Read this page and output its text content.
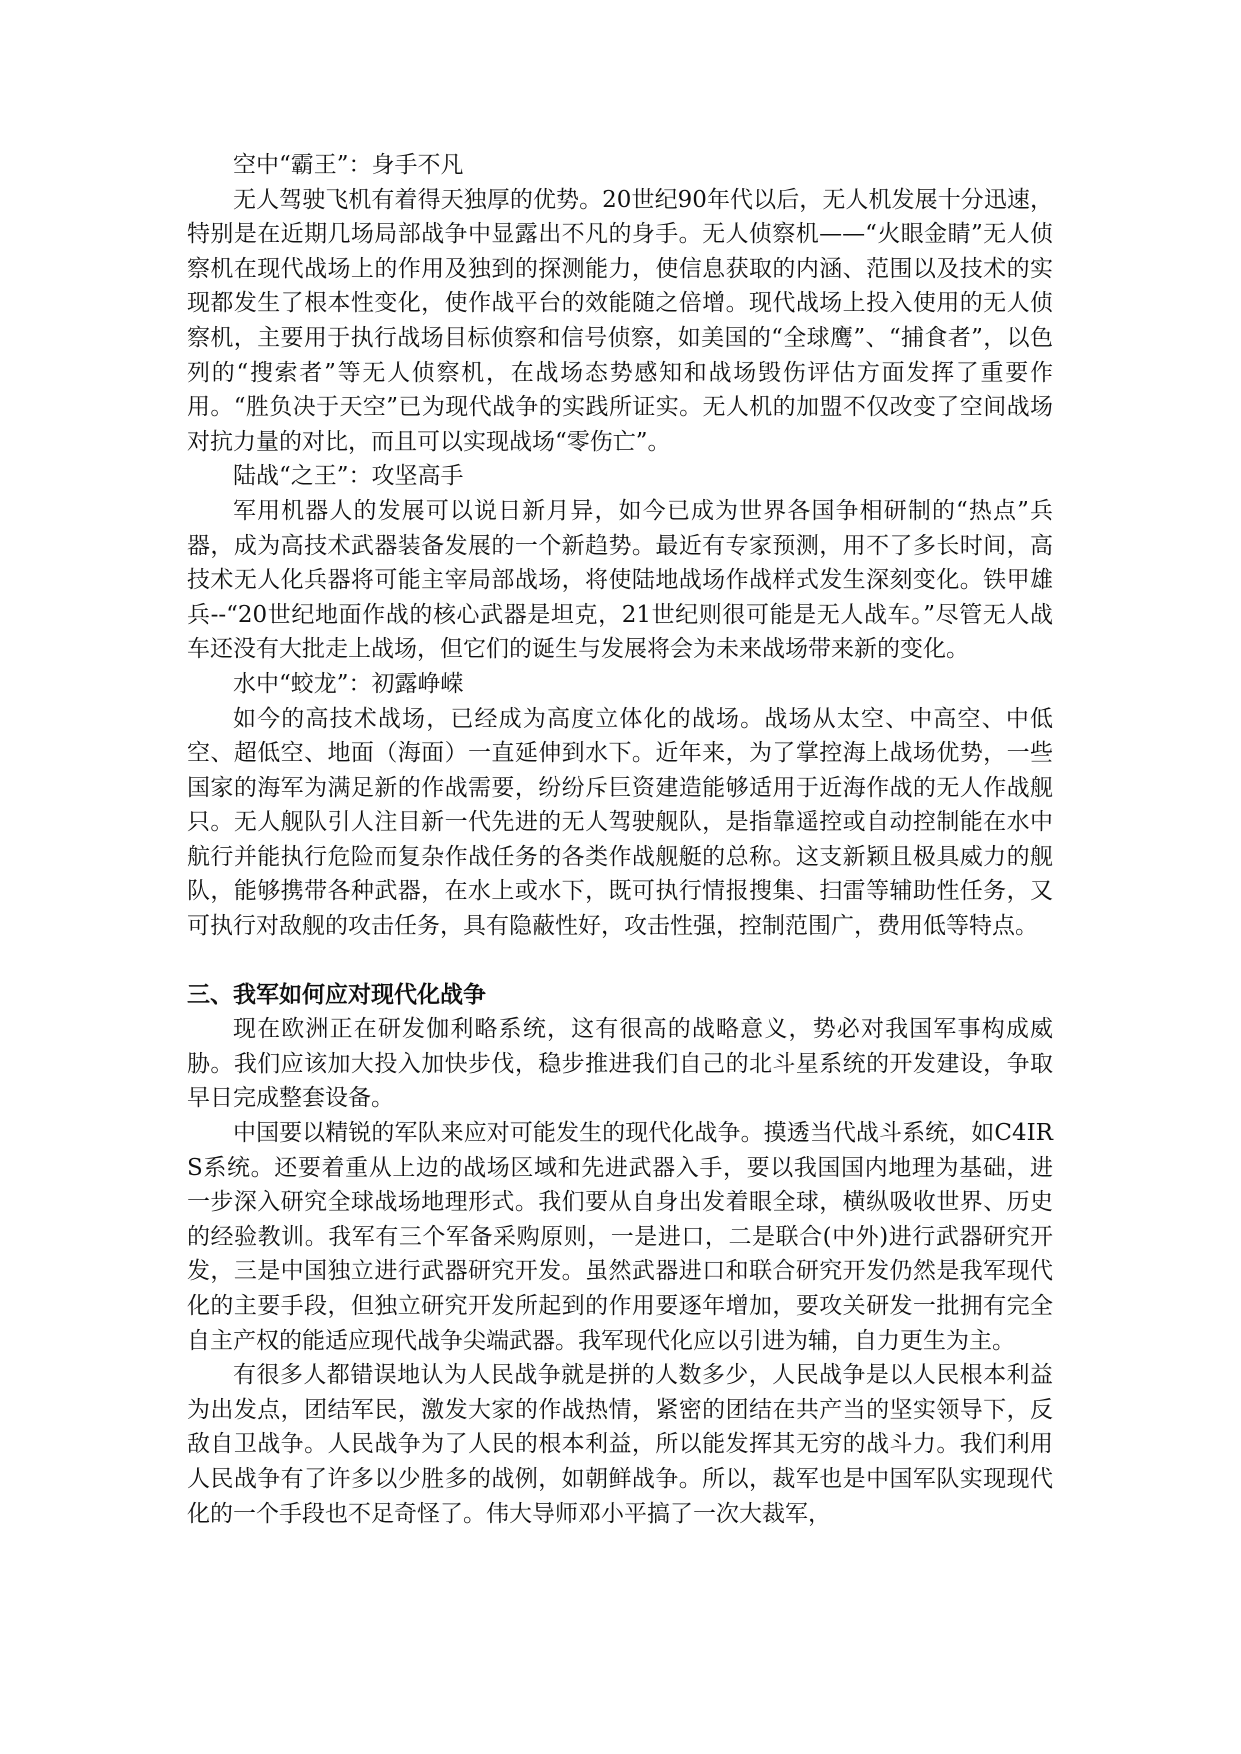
空中“霸王”：身手不凡

无人驾驶飞机有着得天独厚的优势。20世纪90年代以后，无人机发展十分迅速，特别是在近期几场局部战争中显露出不凡的身手。无人侦察机——“火眼金睛”无人侦察机在现代战场上的作用及独到的探测能力，使信息获取的内涵、范围以及技术的实现都发生了根本性变化，使作战平台的效能随之倍增。现代战场上投入使用的无人侦察机，主要用于执行战场目标侦察和信号侦察，如美国的“全球鹰”、“捕食者”，以色列的“搜索者”等无人侦察机，在战场态势感知和战场毁伤评估方面发挥了重要作用。“胜负决于天空”已为现代战争的实践所证实。无人机的加盟不仅改变了空间战场对抗力量的对比，而且可以实现战场“零伤亡”。

陆战“之王”：攻坚高手

军用机器人的发展可以说日新月异，如今已成为世界各国争相研制的“热点”兵器，成为高技术武器装备发展的一个新趋势。最近有专家预测，用不了多长时间，高技术无人化兵器将可能主宰局部战场，将使陆地战场作战样式发生深刻变化。铁甲雄兵--“20世纪地面作战的核心武器是坦克，21世纪则很可能是无人战车。”尽管无人战车还没有大批走上战场，但它们的诞生与发展将会为未来战场带来新的变化。

水中“蛟龙”：初露峥嵘

如今的高技术战场，已经成为高度立体化的战场。战场从太空、中高空、中低空、超低空、地面（海面）一直延伸到水下。近年来，为了掌控海上战场优势，一些国家的海军为满足新的作战需要，纷纷斥巨资建造能够适用于近海作战的无人作战舰只。无人舰队引人注目新一代先进的无人驾驶舰队，是指靠遥控或自动控制能在水中航行并能执行危险而复杂作战任务的各类作战舰艇的总称。这支新颖且极具威力的舰队，能够携带各种武器，在水上或水下，既可执行情报搜集、扫雷等辅助性任务，又可执行对敌舰的攻击任务，具有隐蔽性好，攻击性强，控制范围广，费用低等特点。

三、我军如何应对现代化战争

现在欧洲正在研发伽利略系统，这有很高的战略意义，势必对我国军事构成威胁。我们应该加大投入加快步伐，稳步推进我们自己的北斗星系统的开发建设，争取早日完成整套设备。

中国要以精锐的军队来应对可能发生的现代化战争。摸透当代战斗系统，如C4IRS系统。还要着重从上边的战场区域和先进武器入手，要以我国国内地理为基础，进一步深入研究全球战场地理形式。我们要从自身出发着眼全球，横纵吸收世界、历史的经验教训。我军有三个军备采购原则，一是进口，二是联合(中外)进行武器研究开发，三是中国独立进行武器研究开发。虽然武器进口和联合研究开发仍然是我军现代化的主要手段，但独立研究开发所起到的作用要逐年增加，要攻关研发一批拥有完全自主产权的能适应现代战争尖端武器。我军现代化应以引进为辅，自力更生为主。

有很多人都错误地认为人民战争就是拼的人数多少，人民战争是以人民根本利益为出发点，团结军民，激发大家的作战热情，紧密的团结在共产当的坚实领导下，反敌自卫战争。人民战争为了人民的根本利益，所以能发挥其无穷的战斗力。我们利用人民战争有了许多以少胜多的战例，如朝鲜战争。所以，裁军也是中国军队实现现代化的一个手段也不足奇怪了。伟大导师邓小平搞了一次大裁军，
